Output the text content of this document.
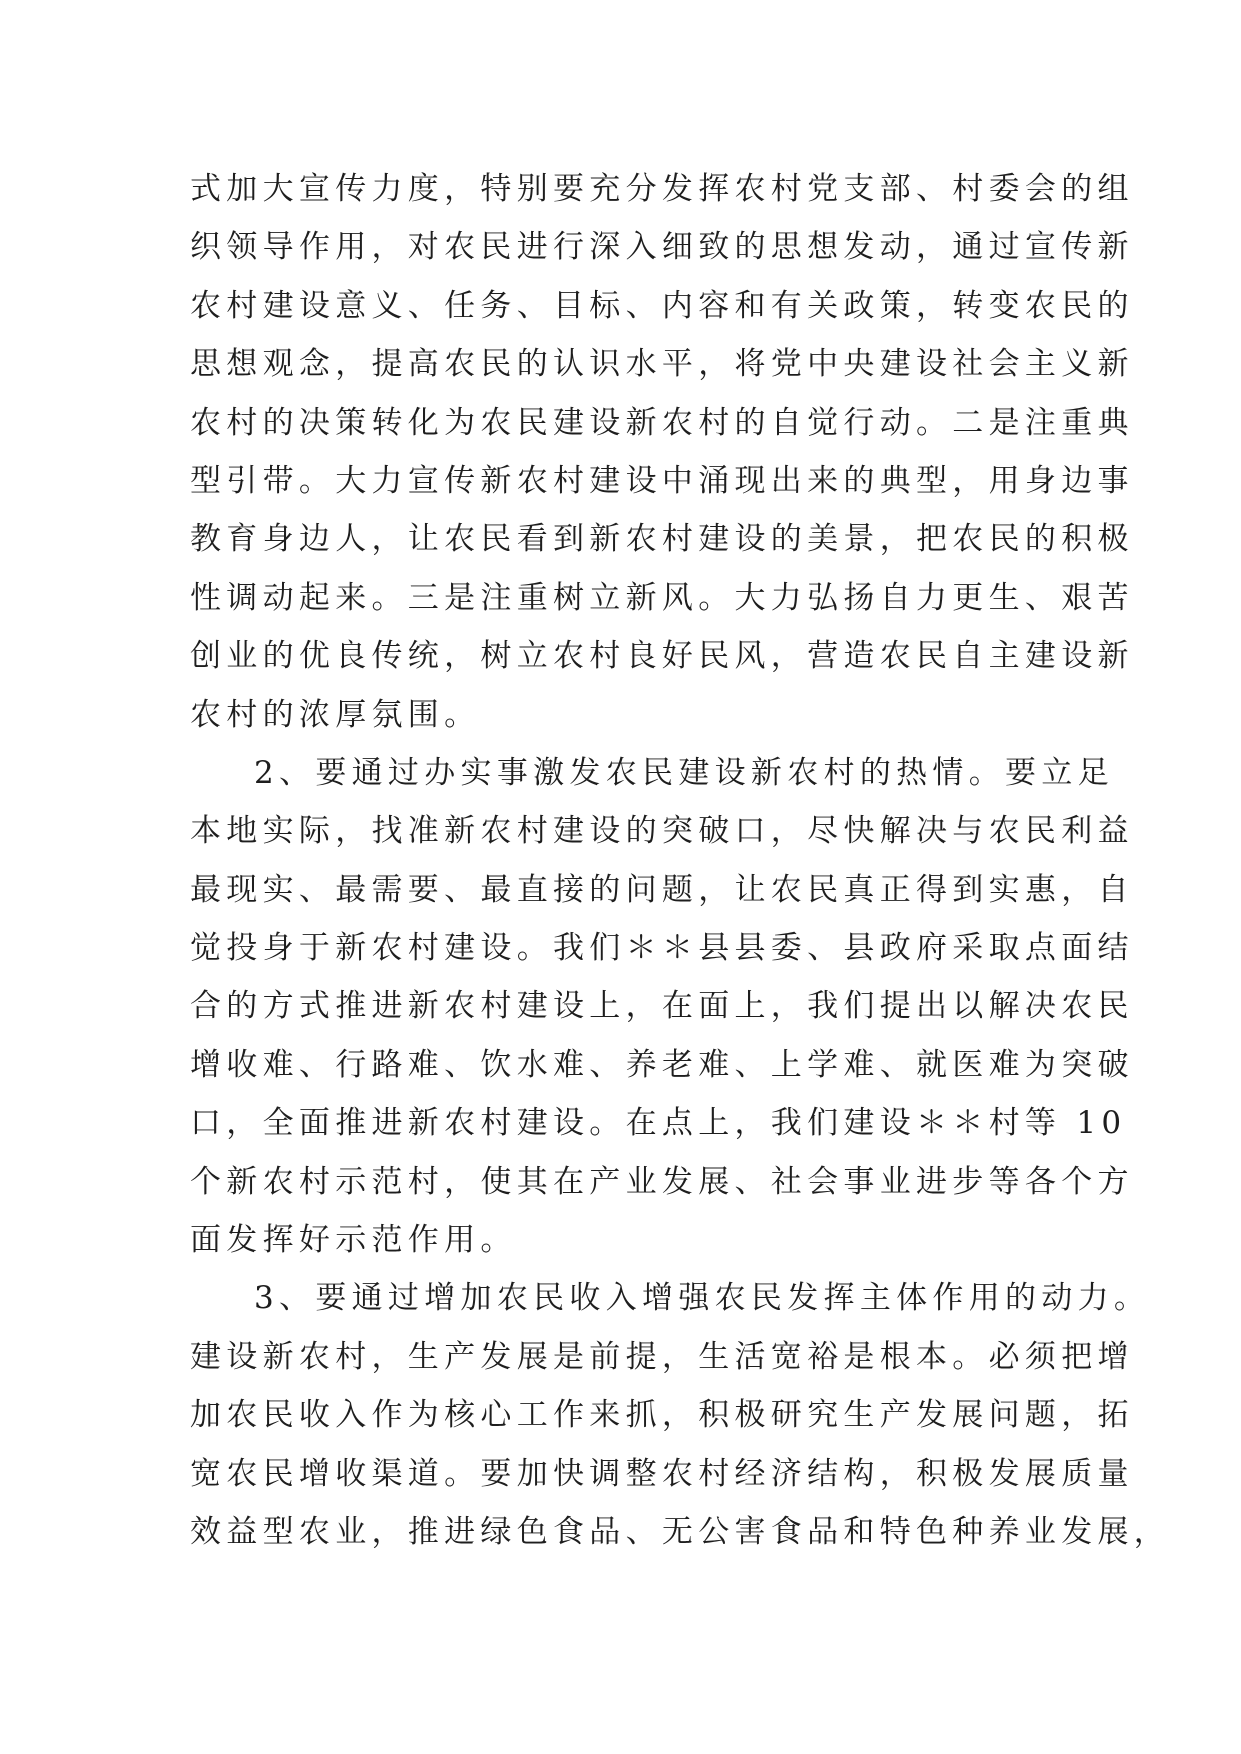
式加大宣传力度，特别要充分发挥农村党支部、村委会的组
织领导作用，对农民进行深入细致的思想发动，通过宣传新
农村建设意义、任务、目标、内容和有关政策，转变农民的
思想观念，提高农民的认识水平，将党中央建设社会主义新
农村的决策转化为农民建设新农村的自觉行动。二是注重典
型引带。大力宣传新农村建设中涌现出来的典型，用身边事
教育身边人，让农民看到新农村建设的美景，把农民的积极
性调动起来。三是注重树立新风。大力弘扬自力更生、艰苦
创业的优良传统，树立农村良好民风，营造农民自主建设新
农村的浓厚氛围。
2、要通过办实事激发农民建设新农村的热情。要立足
本地实际，找准新农村建设的突破口，尽快解决与农民利益
最现实、最需要、最直接的问题，让农民真正得到实惠，自
觉投身于新农村建设。我们＊＊县县委、县政府采取点面结
合的方式推进新农村建设上，在面上，我们提出以解决农民
增收难、行路难、饮水难、养老难、上学难、就医难为突破
口，全面推进新农村建设。在点上，我们建设＊＊村等 10
个新农村示范村，使其在产业发展、社会事业进步等各个方
面发挥好示范作用。
3、要通过增加农民收入增强农民发挥主体作用的动力。
建设新农村，生产发展是前提，生活宽裕是根本。必须把增
加农民收入作为核心工作来抓，积极研究生产发展问题，拓
宽农民增收渠道。要加快调整农村经济结构，积极发展质量
效益型农业，推进绿色食品、无公害食品和特色种养业发展，
